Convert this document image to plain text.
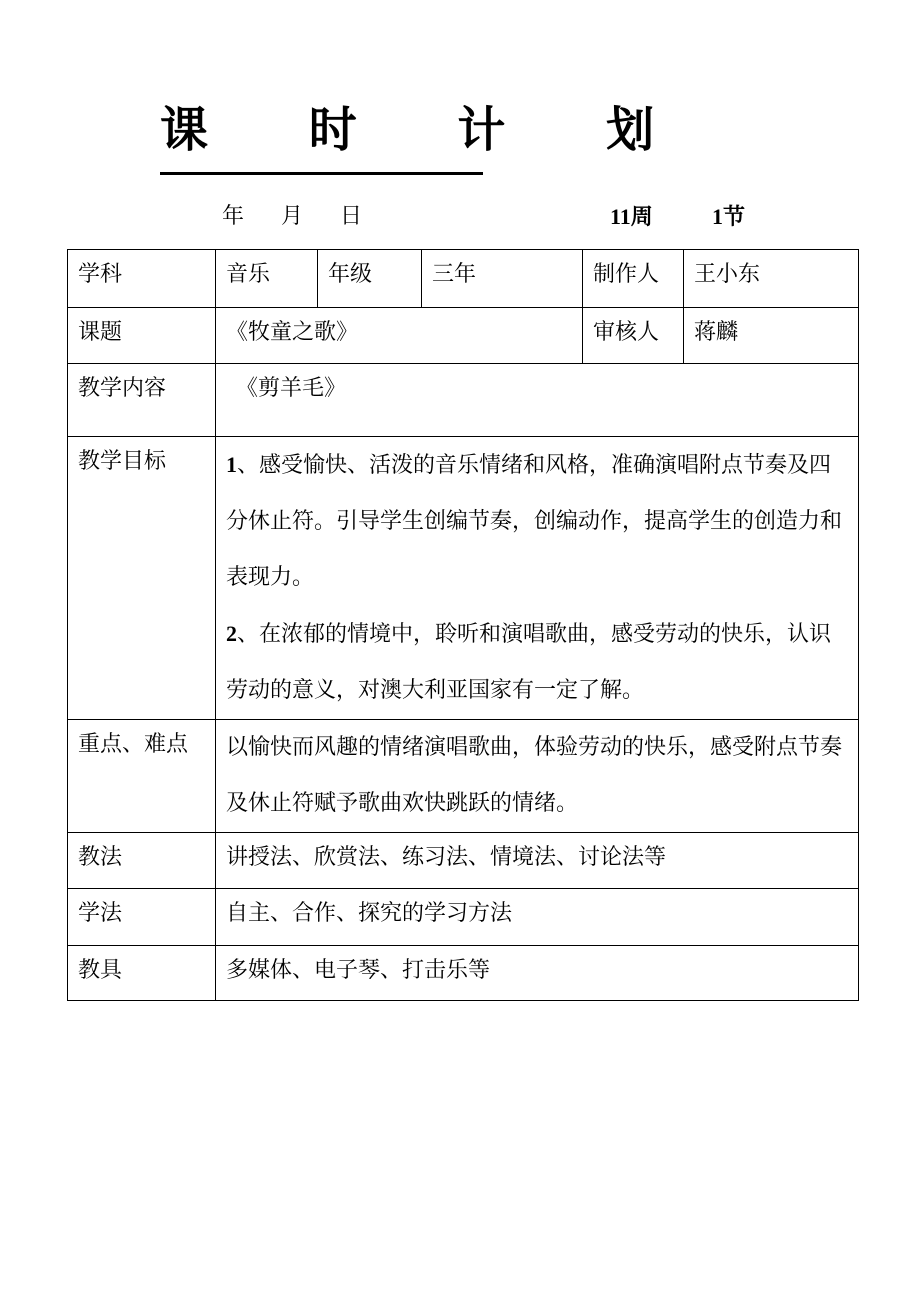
课 时 计 划
年 月 日	11周	1节
学科	音乐	年级	三年	制作人	王小东
课题	《牧童之歌》			审核人	蒋麟
教学内容	《剪羊毛》				
教学目标	1、感受愉快、活泼的音乐情绪和风格，准确演唱附点节奏及四分休止符。引导学生创编节奏，创编动作，提高学生的创造力和表现力。
2、在浓郁的情境中，聆听和演唱歌曲，感受劳动的快乐，认识劳动的意义，对澳大利亚国家有一定了解。				

重点、难点	以愉快而风趣的情绪演唱歌曲，体验劳动的快乐，感受附点节奏及休止符赋予歌曲欢快跳跃的情绪。				
教法	讲授法、欣赏法、练习法、情境法、讨论法等				
学法	自主、合作、探究的学习方法				
教具	多媒体、电子琴、打击乐等				
